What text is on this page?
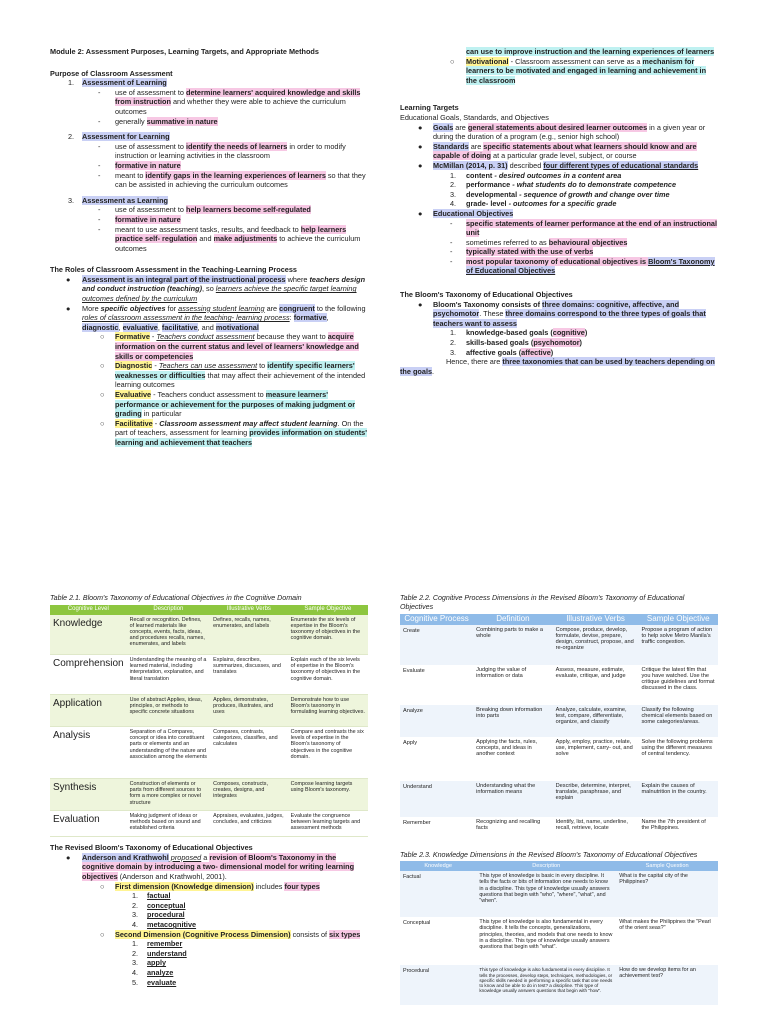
Module 2: Assessment Purposes, Learning Targets, and Appropriate Methods
Purpose of Classroom Assessment
1. Assessment of Learning
- use of assessment to determine learners' acquired knowledge and skills from instruction and whether they were able to achieve the curriculum outcomes
- generally summative in nature
2. Assessment for Learning
- use of assessment to identify the needs of learners in order to modify instruction or learning activities in the classroom
- formative in nature
- meant to identify gaps in the learning experiences of learners so that they can be assisted in achieving the curriculum outcomes
3. Assessment as Learning
- use of assessment to help learners become self-regulated
- formative in nature
- meant to use assessment tasks, results, and feedback to help learners practice self- regulation and make adjustments to achieve the curriculum outcomes
The Roles of Classroom Assessment in the Teaching-Learning Process
● Assessment is an integral part of the instructional process where teachers design and conduct instruction (teaching), so learners achieve the specific target learning outcomes defined by the curriculum
● More specific objectives for assessing student learning are congruent to the following roles of classroom assessment in the teaching- learning process: formative, diagnostic, evaluative, facilitative, and motivational
○ Formative - Teachers conduct assessment because they want to acquire information on the current status and level of learners' knowledge and skills or competencies
○ Diagnostic - Teachers can use assessment to identify specific learners' weaknesses or difficulties that may affect their achievement of the intended learning outcomes
○ Evaluative - Teachers conduct assessment to measure learners' performance or achievement for the purposes of making judgment or grading in particular
○ Facilitative - Classroom assessment may affect student learning. On the part of teachers, assessment for learning provides information on students' learning and achievement that teachers
can use to improve instruction and the learning experiences of learners
○ Motivational - Classroom assessment can serve as a mechanism for learners to be motivated and engaged in learning and achievement in the classroom
Learning Targets
Educational Goals, Standards, and Objectives
● Goals are general statements about desired learner outcomes in a given year or during the duration of a program (e.g., senior high school)
● Standards are specific statements about what learners should know and are capable of doing at a particular grade level, subject, or course
● McMillan (2014, p. 31) described four different types of educational standards
1. content - desired outcomes in a content area
2. performance - what students do to demonstrate competence
3. developmental - sequence of growth and change over time
4. grade- level - outcomes for a specific grade
● Educational Objectives
- specific statements of learner performance at the end of an instructional unit
- sometimes referred to as behavioural objectives
- typically stated with the use of verbs
- most popular taxonomy of educational objectives is Bloom's Taxonomy of Educational Objectives
The Bloom's Taxonomy of Educational Objectives
● Bloom's Taxonomy consists of three domains: cognitive, affective, and psychomotor. These three domains correspond to the three types of goals that teachers want to assess
1. knowledge-based goals (cognitive)
2. skills-based goals (psychomotor)
3. affective goals (affective)
Hence, there are three taxonomies that can be used by teachers depending on the goals.
Table 2.1. Bloom's Taxonomy of Educational Objectives in the Cognitive Domain
Cognitive Level	Description	Illustrative Verbs	Sample Objective
Knowledge	Recall or recognition. Defines, of learned materials like concepts, events, facts, ideas, and procedures recalls, names, enumerates, and labels	Defines, recalls, names, enumerates, and labels	Enumerate the six levels of expertise in the Bloom's taxonomy of objectives in the cognitive domain.
Comprehension	Understanding the meaning of a learned material, including interpretation, explanation, and literal translation	Explains, describes, summarizes, discusses, and translates	Explain each of the six levels of expertise in the Bloom's taxonomy of objectives in the cognitive domain.
Application	Use of abstract Applies, ideas, principles, or methods to specific concrete situations	Applies, demonstrates, produces, illustrates, and uses	Demonstrate how to use Bloom's taxonomy in formulating learning objectives.
Analysis	Separation of a Compares, concept or idea into constituent parts or elements and an understanding of the nature and association among the elements	Compares, contrasts, categorizes, classifies, and calculates	Compare and contrasts the six levels of expertise in the Bloom's taxonomy of objectives in the cognitive domain.
Synthesis	Construction of elements or parts from different sources to form a more complex or novel structure	Composes, constructs, creates, designs, and integrates	Compose learning targets using Bloom's taxonomy.
Evaluation	Making judgment of ideas or methods based on sound and established criteria	Appraises, evaluates, judges, concludes, and criticizes	Evaluate the congruence between learning targets and assessment methods
The Revised Bloom's Taxonomy of Educational Objectives
● Anderson and Krathwohl proposed a revision of Bloom's Taxonomy in the cognitive domain by introducing a two- dimensional model for writing learning objectives (Anderson and Krathwohl, 2001).
○ First dimension (Knowledge dimension) includes four types
1. factual
2. conceptual
3. procedural
4. metacognitive
○ Second Dimension (Cognitive Process Dimension) consists of six types
1. remember
2. understand
3. apply
4. analyze
5. evaluate
Table 2.2. Cognitive Process Dimensions in the Revised Bloom's Taxonomy of Educational Objectives
Cognitive Process	Definition	Illustrative Verbs	Sample Objective
Create	Combining parts to make a whole	Compose, produce, develop, formulate, devise, prepare, design, construct, propose, and re-organize	Propose a program of action to help solve Metro Manila's traffic congestion.
Evaluate	Judging the value of information or data	Assess, measure, estimate, evaluate, critique, and judge	Critique the latest film that you have watched. Use the critique guidelines and format discussed in the class.
Analyze	Breaking down information into parts	Analyze, calculate, examine, test, compare, differentiate, organize, and classify	Classify the following chemical elements based on some categories/areas.
Apply	Applying the facts, rules, concepts, and ideas in another context	Apply, employ, practice, relate, use, implement, carry- out, and solve	Solve the following problems using the different measures of central tendency.
Understand	Understanding what the information means	Describe, determine, interpret, translate, paraphrase, and explain	Explain the causes of malnutrition in the country.
Remember	Recognizing and recalling facts	Identify, list, name, underline, recall, retrieve, locate	Name the 7th president of the Philippines.
Table 2.3. Knowledge Dimensions in the Revised Bloom's Taxonomy of Educational Objectives
Knowledge	Description	Sample Question
Factual	This type of knowledge is basic in every discipline. It tells the facts or bits of information one needs to know in a discipline. This type of knowledge usually answers questions that begin with "who", "where", "what", and "when".	What is the capital city of the Philippines?
Conceptual	This type of knowledge is also fundamental in every discipline. It tells the concepts, generalizations, principles, theories, and models that one needs to know in a discipline. This type of knowledge usually answers questions that begin with "what".	What makes the Philippines the "Pearl of the orient seas?"
Procedural	This type of knowledge is also fundamental in every discipline. It tells the processes, develop steps, techniques, methodologies, or specific skills needed in performing a specific task that one needs to know and be able to do in test? a discipline. This type of knowledge usually answers questions that begin with "how".	How do we develop items for an achievement test?
